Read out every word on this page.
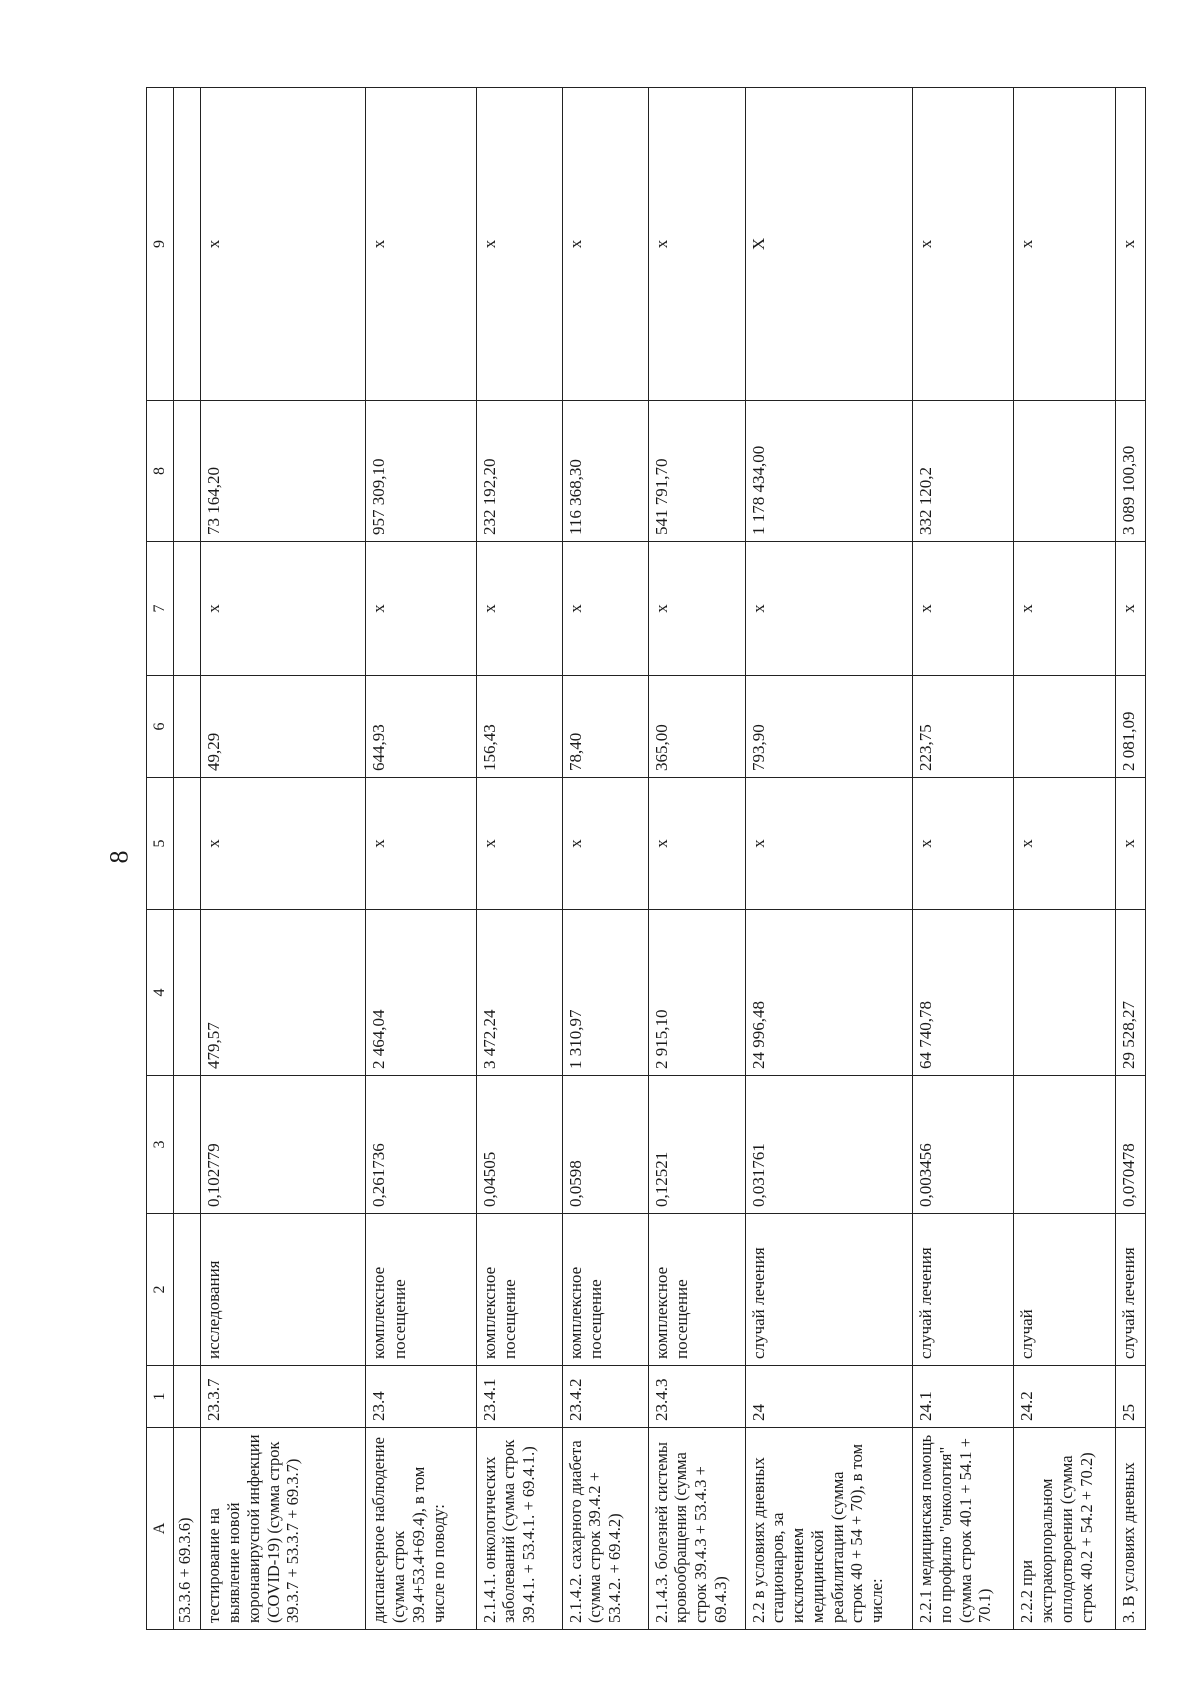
8
A	1	2	3	4	5	6	7	8	9
53.3.6 + 69.3.6)									
тестирование на выявление новой коронавирусной инфекции (COVID-19) (сумма строк 39.3.7 + 53.3.7 + 69.3.7)	23.3.7	исследования	0,102779	479,57	x	49,29	x	73 164,20	x
диспансерное наблюдение (сумма строк 39.4+53.4+69.4), в том числе по поводу:	23.4	комплексное посещение	0,261736	2 464,04	x	644,93	x	957 309,10	x
2.1.4.1. онкологических заболеваний (сумма строк 39.4.1. + 53.4.1. + 69.4.1.)	23.4.1	комплексное посещение	0,04505	3 472,24	x	156,43	x	232 192,20	x
2.1.4.2. сахарного диабета (сумма строк 39.4.2 + 53.4.2. + 69.4.2)	23.4.2	комплексное посещение	0,0598	1 310,97	x	78,40	x	116 368,30	x
2.1.4.3. болезней системы кровообращения (сумма строк 39.4.3 + 53.4.3 + 69.4.3)	23.4.3	комплексное посещение	0,12521	2 915,10	x	365,00	x	541 791,70	x
2.2 в условиях дневных стационаров, за исключением медицинской реабилитации (сумма строк 40 + 54 + 70), в том числе:	24	случай лечения	0,031761	24 996,48	x	793,90	x	1 178 434,00	X
2.2.1 медицинская помощь по профилю "онкология" (сумма строк 40.1 + 54.1 + 70.1)	24.1	случай лечения	0,003456	64 740,78	x	223,75	x	332 120,2	x
2.2.2 при экстракорпоральном оплодотворении (сумма строк 40.2 + 54.2 + 70.2)	24.2	случай			x		x		x
3. В условиях дневных	25	случай лечения	0,070478	29 528,27	x	2 081,09	x	3 089 100,30	x
